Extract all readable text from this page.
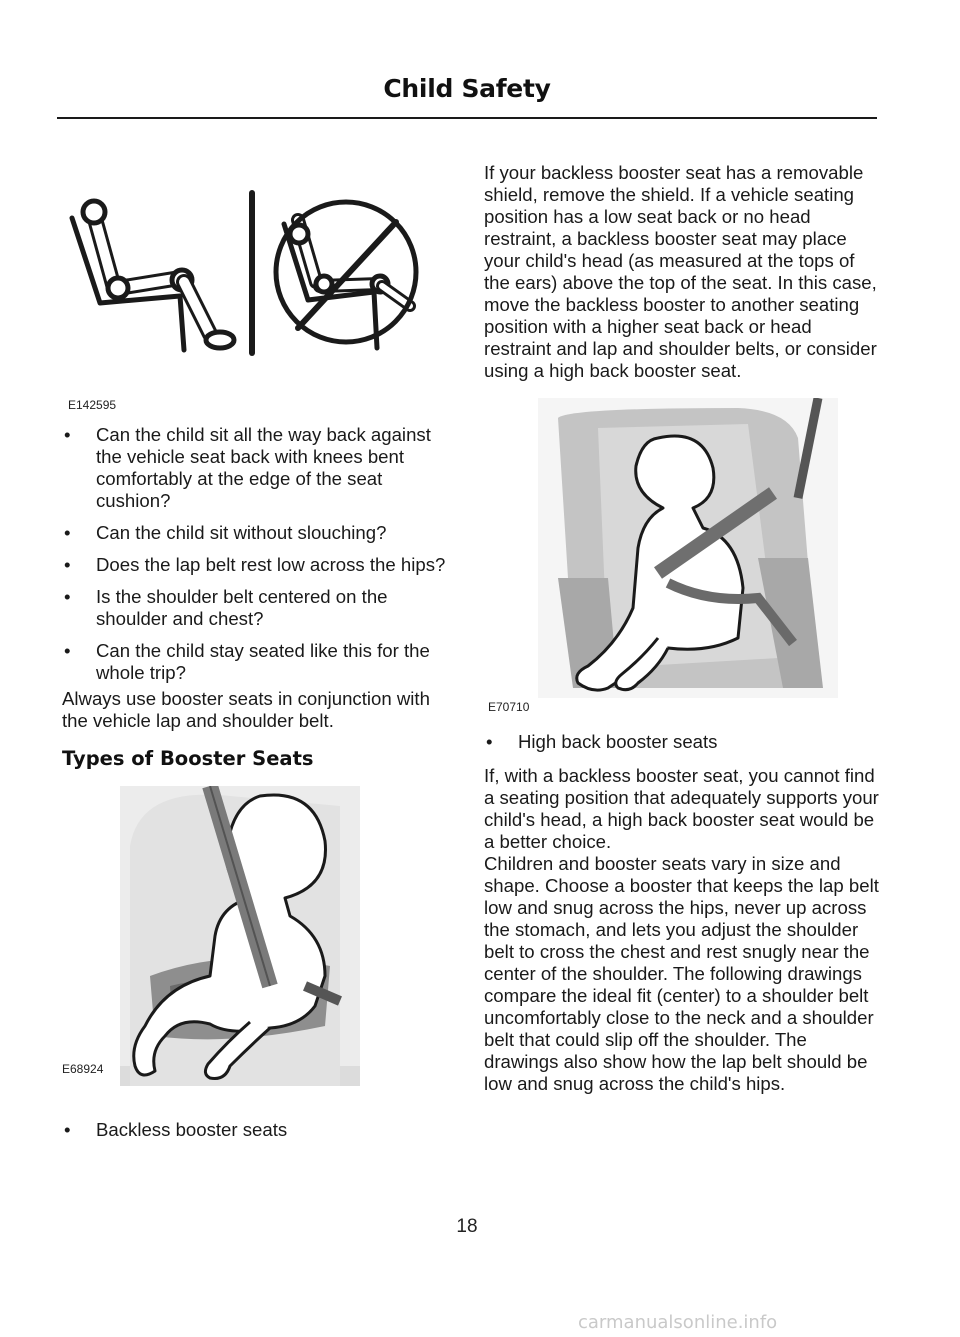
Child Safety
E142595
• Can the child sit all the way back against the vehicle seat back with knees bent comfortably at the edge of the seat cushion?
• Can the child sit without slouching?
• Does the lap belt rest low across the hips?
• Is the shoulder belt centered on the shoulder and chest?
• Can the child stay seated like this for the whole trip?
Always use booster seats in conjunction with the vehicle lap and shoulder belt.
Types of Booster Seats
E68924
• Backless booster seats
If your backless booster seat has a removable shield, remove the shield. If a vehicle seating position has a low seat back or no head restraint, a backless booster seat may place your child's head (as measured at the tops of the ears) above the top of the seat. In this case, move the backless booster to another seating position with a higher seat back or head restraint and lap and shoulder belts, or consider using a high back booster seat.
E70710
• High back booster seats
If, with a backless booster seat, you cannot find a seating position that adequately supports your child's head, a high back booster seat would be a better choice.
Children and booster seats vary in size and shape. Choose a booster that keeps the lap belt low and snug across the hips, never up across the stomach, and lets you adjust the shoulder belt to cross the chest and rest snugly near the center of the shoulder. The following drawings compare the ideal fit (center) to a shoulder belt uncomfortably close to the neck and a shoulder belt that could slip off the shoulder. The drawings also show how the lap belt should be low and snug across the child's hips.
18
carmanualsonline.info
